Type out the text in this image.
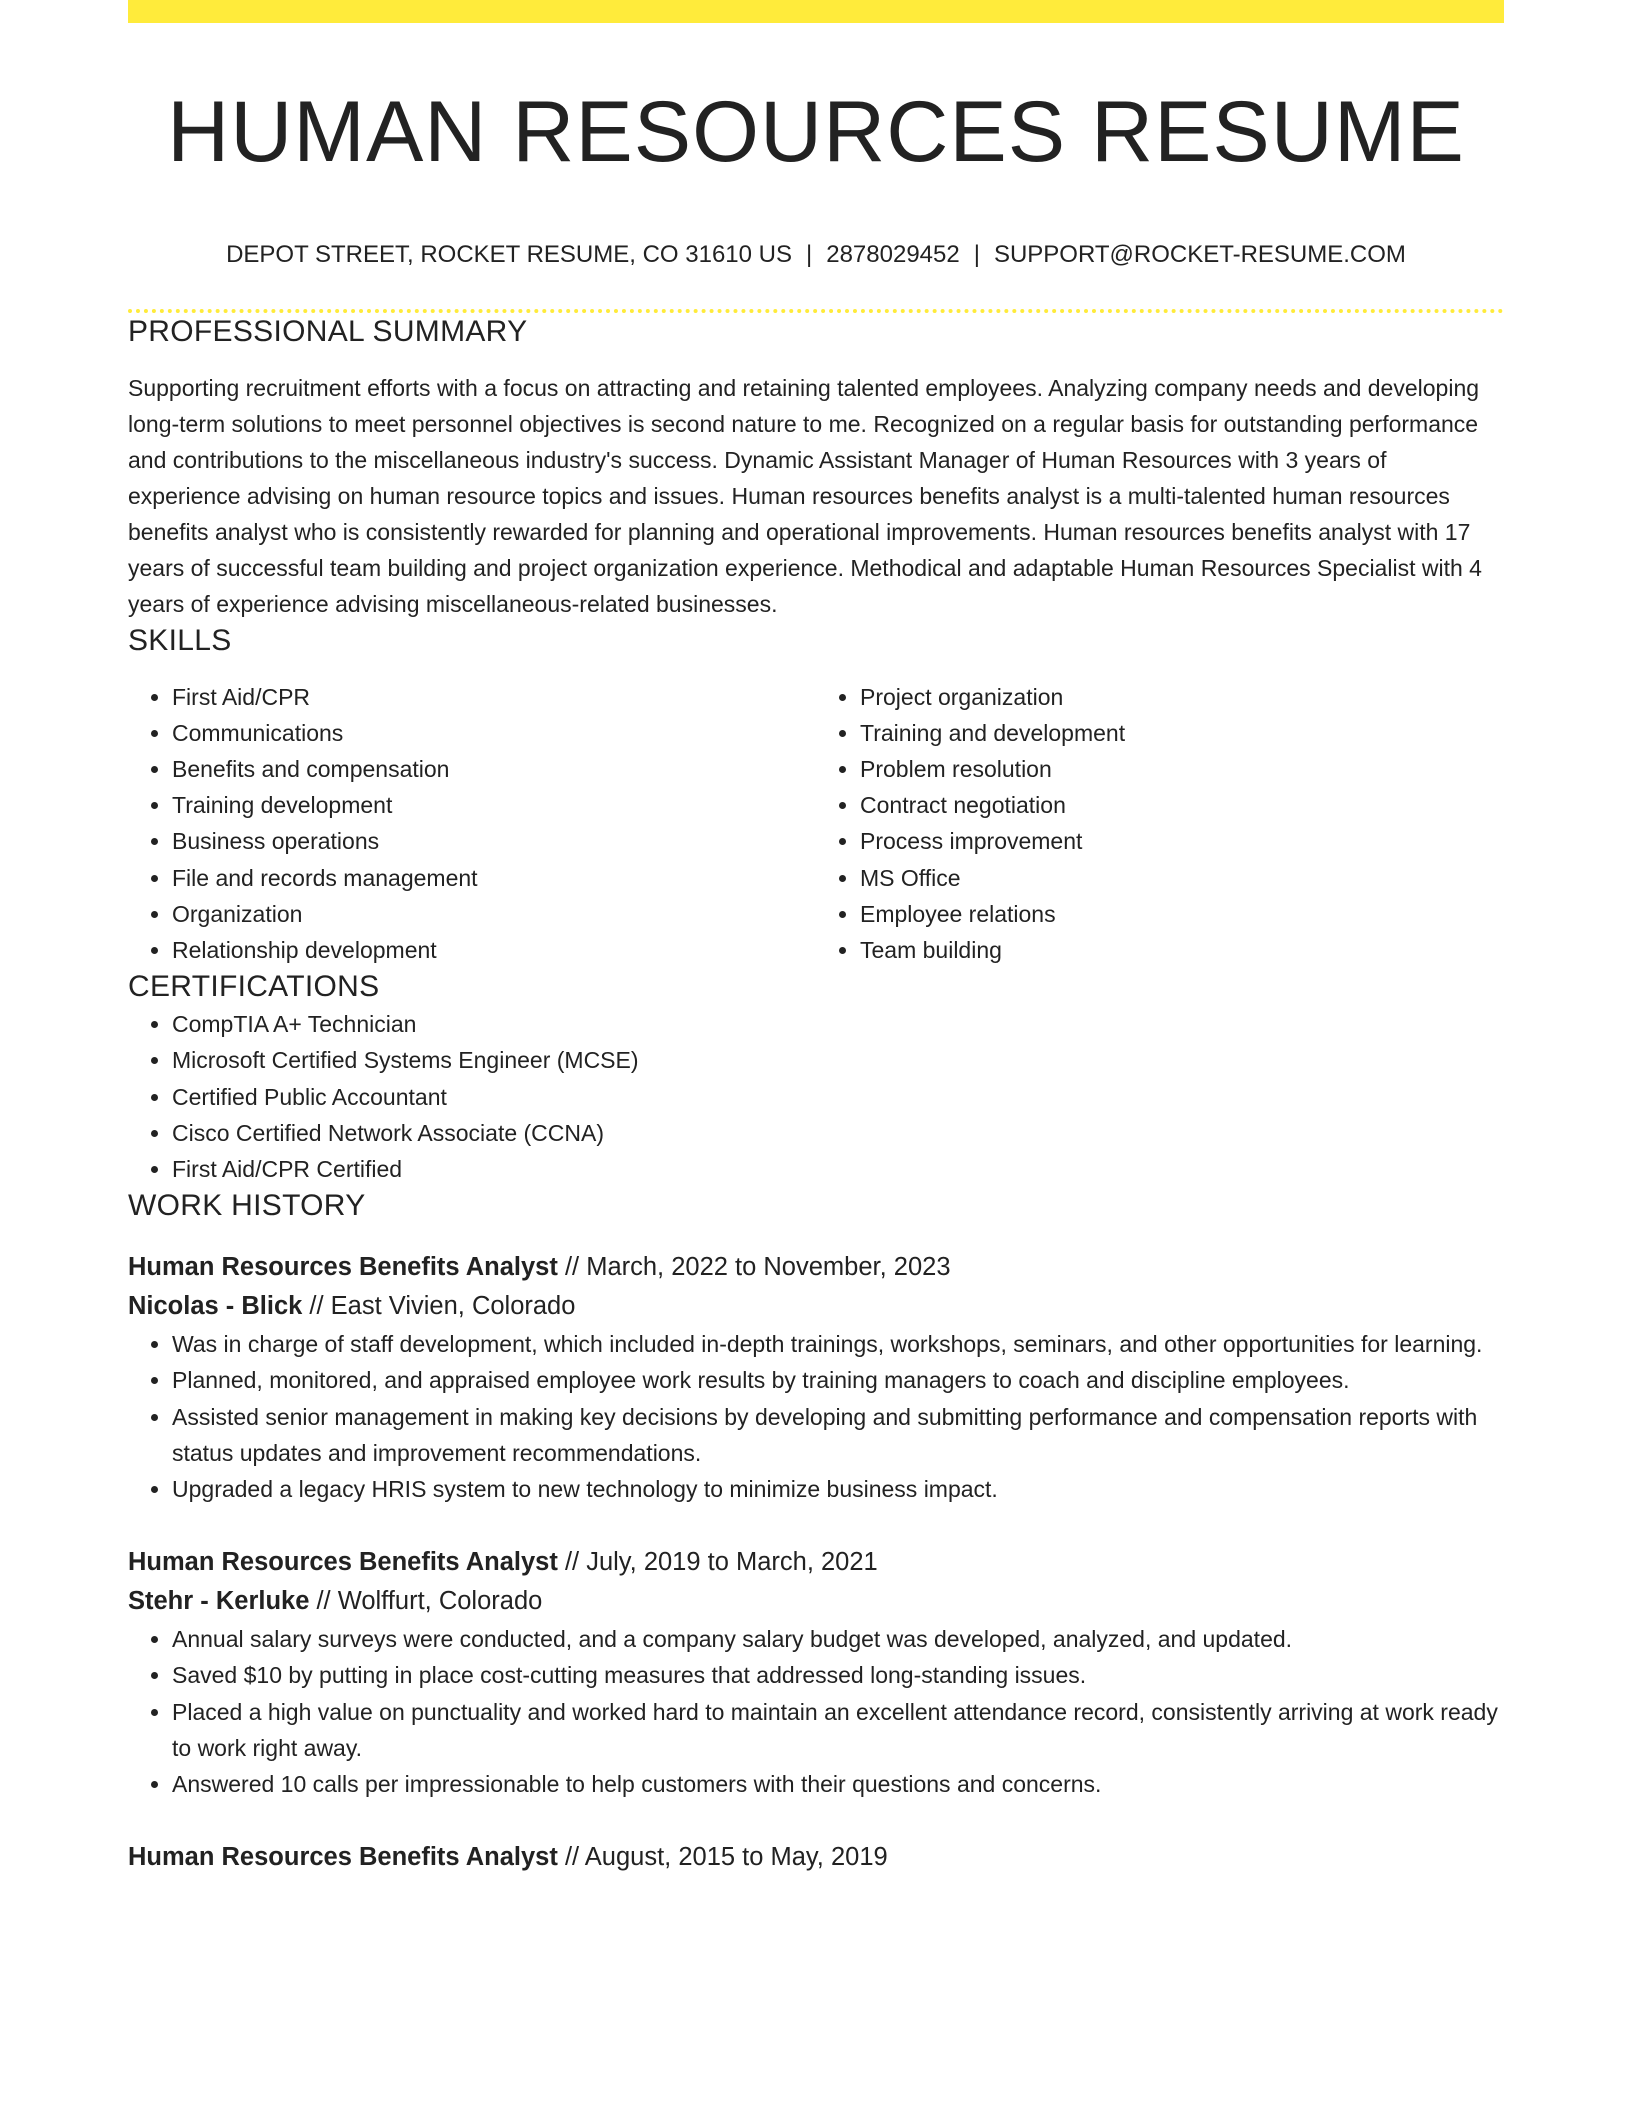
HUMAN RESOURCES RESUME
DEPOT STREET, ROCKET RESUME, CO 31610 US | 2878029452 | SUPPORT@ROCKET-RESUME.COM
PROFESSIONAL SUMMARY

Supporting recruitment efforts with a focus on attracting and retaining talented employees. Analyzing company needs and developing long-term solutions to meet personnel objectives is second nature to me. Recognized on a regular basis for outstanding performance and contributions to the miscellaneous industry's success. Dynamic Assistant Manager of Human Resources with 3 years of experience advising on human resource topics and issues. Human resources benefits analyst is a multi-talented human resources benefits analyst who is consistently rewarded for planning and operational improvements. Human resources benefits analyst with 17 years of successful team building and project organization experience. Methodical and adaptable Human Resources Specialist with 4 years of experience advising miscellaneous-related businesses.

SKILLS
• First Aid/CPR
• Communications
• Benefits and compensation
• Training development
• Business operations
• File and records management
• Organization
• Relationship development
• Project organization
• Training and development
• Problem resolution
• Contract negotiation
• Process improvement
• MS Office
• Employee relations
• Team building
CERTIFICATIONS
• CompTIA A+ Technician
• Microsoft Certified Systems Engineer (MCSE)
• Certified Public Accountant
• Cisco Certified Network Associate (CCNA)
• First Aid/CPR Certified
WORK HISTORY
Human Resources Benefits Analyst // March, 2022 to November, 2023
Nicolas - Blick // East Vivien, Colorado
• Was in charge of staff development, which included in-depth trainings, workshops, seminars, and other opportunities for learning.
• Planned, monitored, and appraised employee work results by training managers to coach and discipline employees.
• Assisted senior management in making key decisions by developing and submitting performance and compensation reports with status updates and improvement recommendations.
• Upgraded a legacy HRIS system to new technology to minimize business impact.
Human Resources Benefits Analyst // July, 2019 to March, 2021
Stehr - Kerluke // Wolffurt, Colorado
• Annual salary surveys were conducted, and a company salary budget was developed, analyzed, and updated.
• Saved $10 by putting in place cost-cutting measures that addressed long-standing issues.
• Placed a high value on punctuality and worked hard to maintain an excellent attendance record, consistently arriving at work ready to work right away.
• Answered 10 calls per impressionable to help customers with their questions and concerns.
Human Resources Benefits Analyst // August, 2015 to May, 2019
